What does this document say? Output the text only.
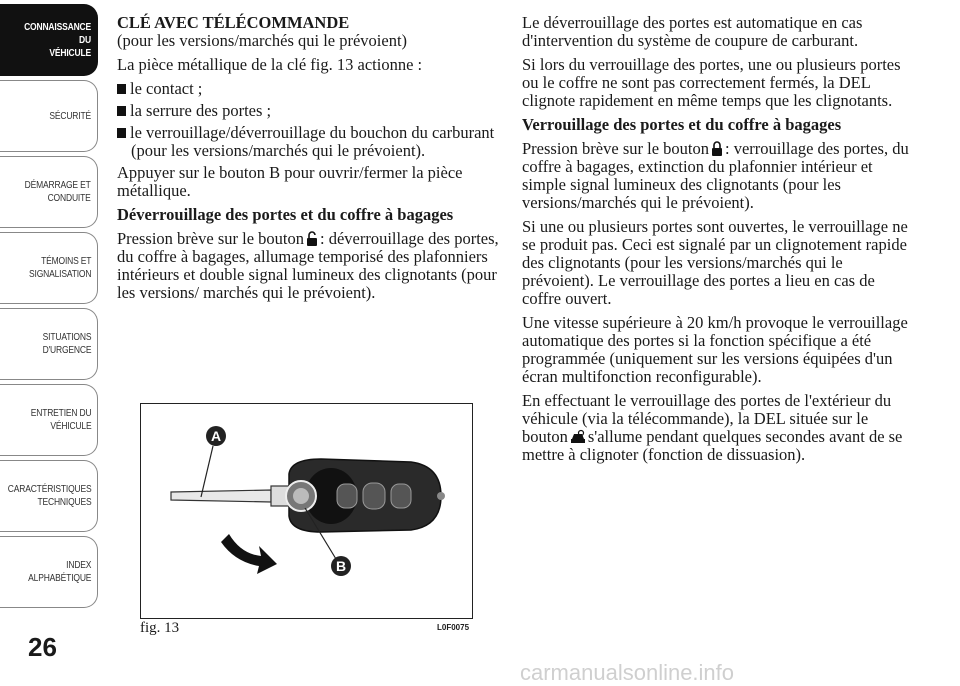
CONNAISSANCE DU
VÉHICULE
SÉCURITÉ
DÉMARRAGE ET
CONDUITE
TÉMOINS ET
SIGNALISATION
SITUATIONS
D'URGENCE
ENTRETIEN DU
VÉHICULE
CARACTÉRISTIQUES
TECHNIQUES
INDEX
ALPHABÉTIQUE
26
CLÉ AVEC TÉLÉCOMMANDE

(pour les versions/marchés qui le prévoient)

La pièce métallique de la clé fig. 13 actionne :

le contact ;
la serrure des portes ;
le verrouillage/déverrouillage du bouchon du carburant (pour les versions/marchés qui le prévoient).

Appuyer sur le bouton B pour ouvrir/fermer la pièce métallique.

Déverrouillage des portes et du coffre à bagages

Pression brève sur le bouton : déverrouillage des portes, du coffre à bagages, allumage temporisé des plafonniers intérieurs et double signal lumineux des clignotants (pour les versions/ marchés qui le prévoient).

A
B
fig. 13	L0F0075

Le déverrouillage des portes est automatique en cas d'intervention du système de coupure de carburant.

Si lors du verrouillage des portes, une ou plusieurs portes ou le coffre ne sont pas correctement fermés, la DEL clignote rapidement en même temps que les clignotants.

Verrouillage des portes et du coffre à bagages

Pression brève sur le bouton : verrouillage des portes, du coffre à bagages, extinction du plafonnier intérieur et simple signal lumineux des clignotants (pour les versions/marchés qui le prévoient).

Si une ou plusieurs portes sont ouvertes, le verrouillage ne se produit pas. Ceci est signalé par un clignotement rapide des clignotants (pour les versions/marchés qui le prévoient). Le verrouillage des portes a lieu en cas de coffre ouvert.

Une vitesse supérieure à 20 km/h provoque le verrouillage automatique des portes si la fonction spécifique a été programmée (uniquement sur les versions équipées d'un écran multifonction reconfigurable).

En effectuant le verrouillage des portes de l'extérieur du véhicule (via la télécommande), la DEL située sur le bouton s'allume pendant quelques secondes avant de se mettre à clignoter (fonction de dissuasion).

carmanualsonline.info
